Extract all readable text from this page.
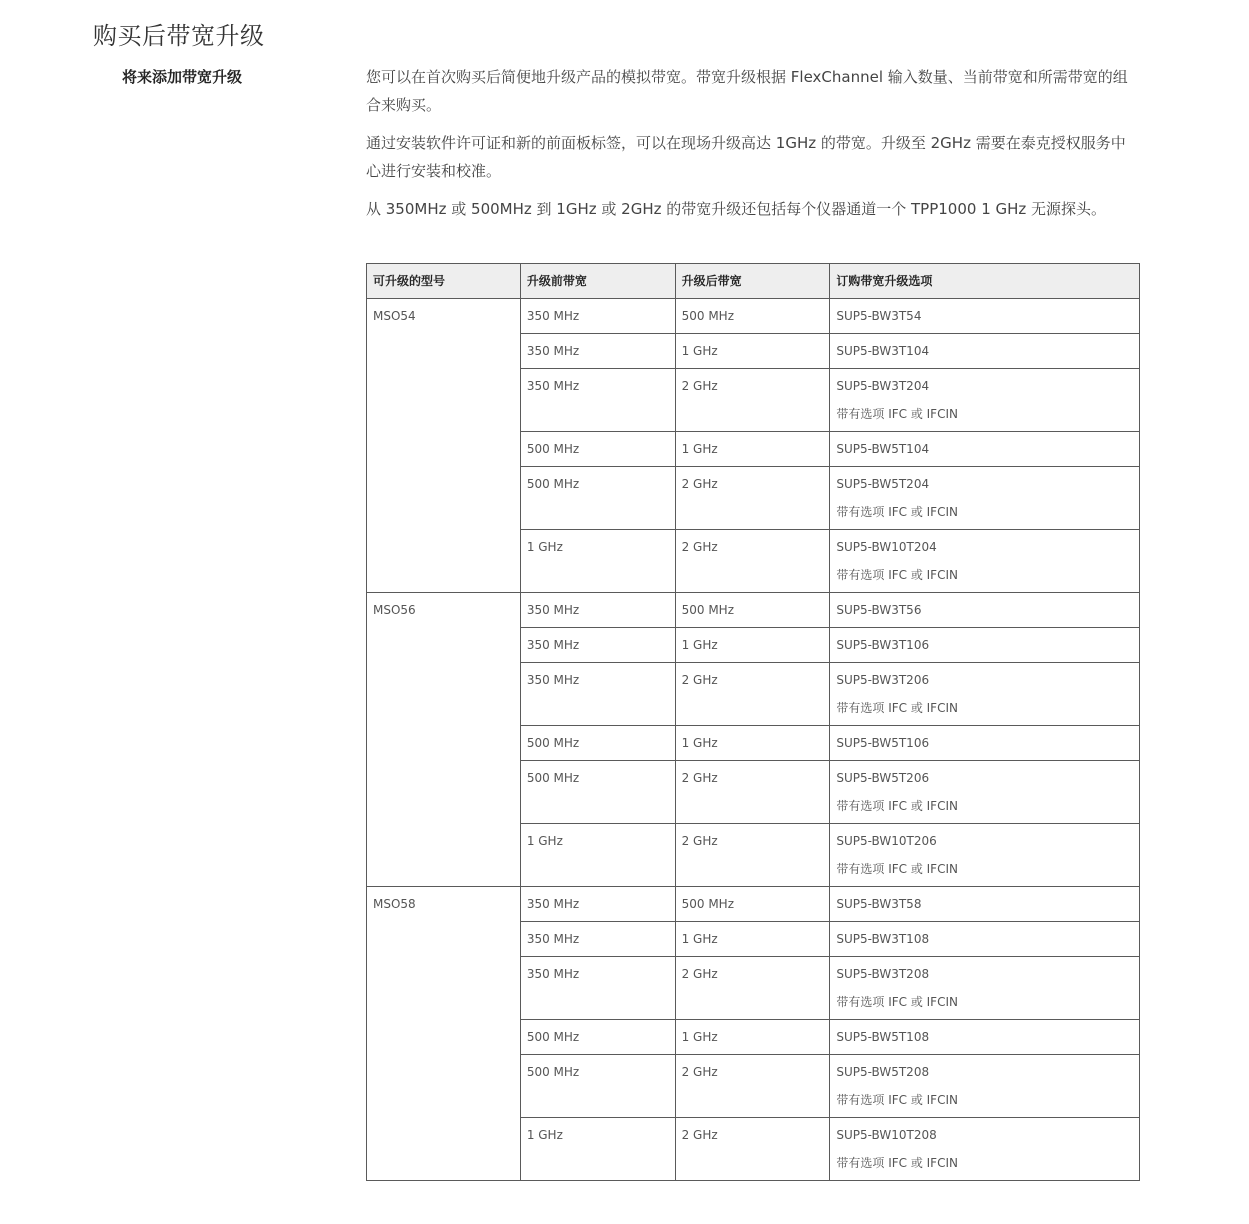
购买后带宽升级
将来添加带宽升级	您可以在首次购买后简便地升级产品的模拟带宽。带宽升级根据 FlexChannel 输入数量、当前带宽和所需带宽的组合来购买。

通过安装软件许可证和新的前面板标签，可以在现场升级高达 1GHz 的带宽。升级至 2GHz 需要在泰克授权服务中心进行安装和校准。

从 350MHz 或 500MHz 到 1GHz 或 2GHz 的带宽升级还包括每个仪器通道一个 TPP1000 1 GHz 无源探头。

可升级的型号	升级前带宽	升级后带宽	订购带宽升级选项
MSO54	350 MHz	500 MHz	SUP5-BW3T54

	350 MHz	1 GHz	SUP5-BW3T104

	350 MHz	2 GHz	SUP5-BW3T204
带有选项 IFC 或 IFCIN

	500 MHz	1 GHz	SUP5-BW5T104

	500 MHz	2 GHz	SUP5-BW5T204
带有选项 IFC 或 IFCIN

	1 GHz	2 GHz	SUP5-BW10T204
带有选项 IFC 或 IFCIN

MSO56	350 MHz	500 MHz	SUP5-BW3T56

	350 MHz	1 GHz	SUP5-BW3T106

	350 MHz	2 GHz	SUP5-BW3T206
带有选项 IFC 或 IFCIN

	500 MHz	1 GHz	SUP5-BW5T106

	500 MHz	2 GHz	SUP5-BW5T206
带有选项 IFC 或 IFCIN

	1 GHz	2 GHz	SUP5-BW10T206
带有选项 IFC 或 IFCIN

MSO58	350 MHz	500 MHz	SUP5-BW3T58

	350 MHz	1 GHz	SUP5-BW3T108

	350 MHz	2 GHz	SUP5-BW3T208
带有选项 IFC 或 IFCIN

	500 MHz	1 GHz	SUP5-BW5T108

	500 MHz	2 GHz	SUP5-BW5T208
带有选项 IFC 或 IFCIN

	1 GHz	2 GHz	SUP5-BW10T208
带有选项 IFC 或 IFCIN
